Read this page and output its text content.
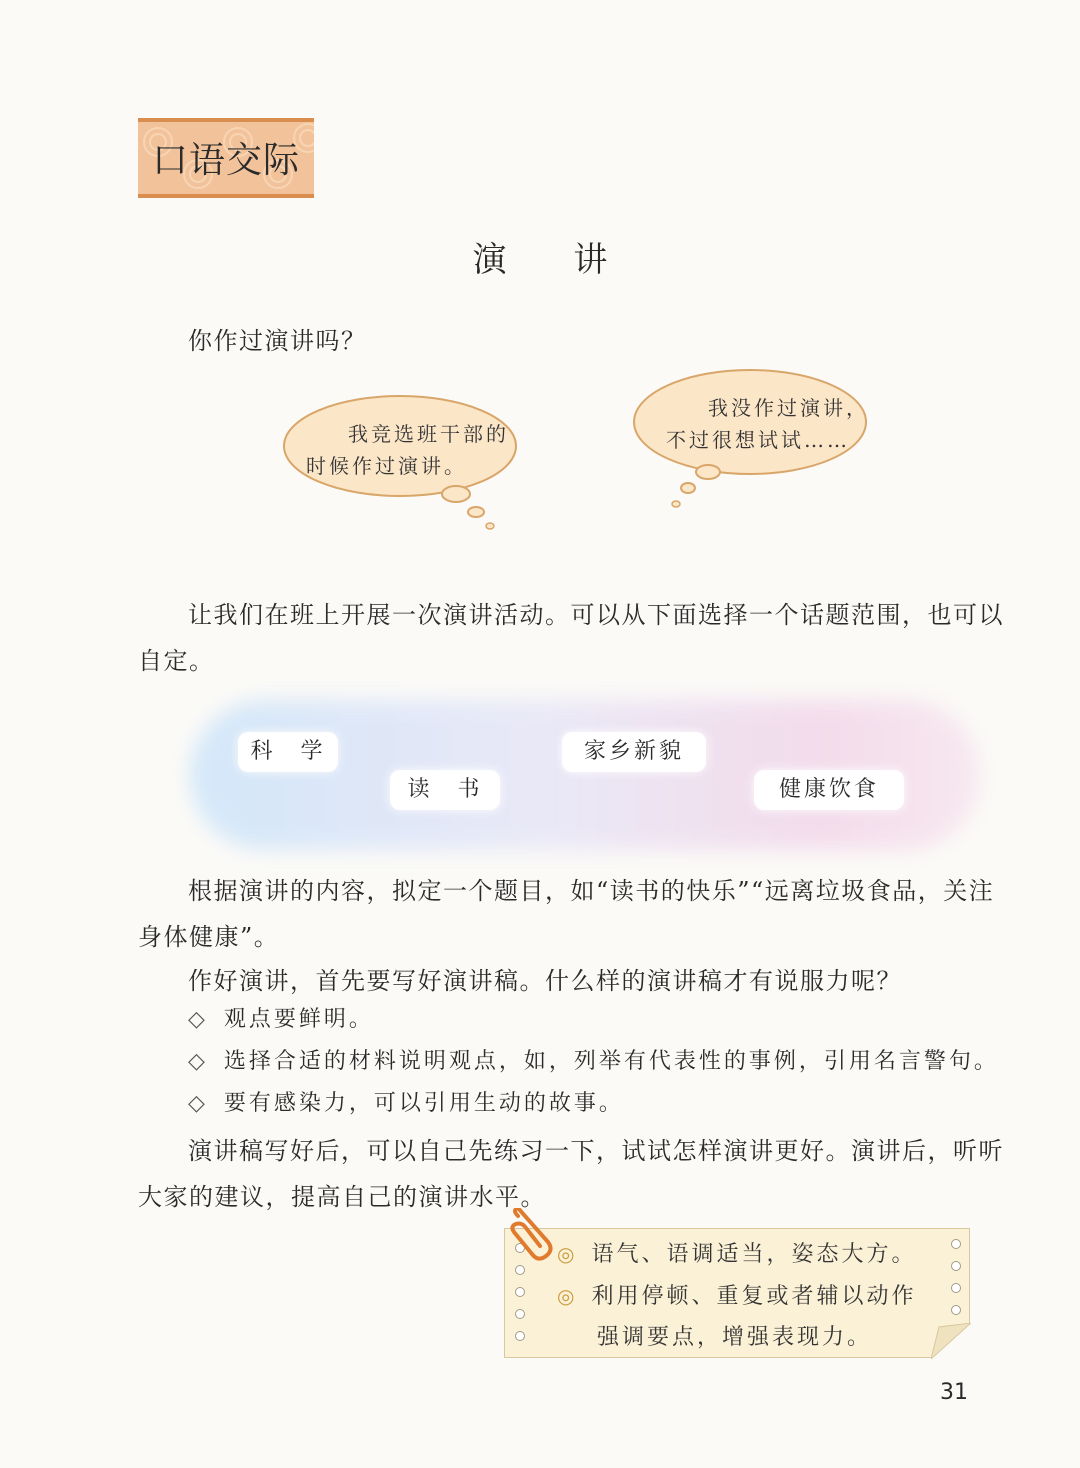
口语交际
演 讲
你作过演讲吗？
我竞选班干部的
时候作过演讲。
我没作过演讲，
不过很想试试……
让我们在班上开展一次演讲活动。可以从下面选择一个话题范围，也可以
自定。
科　学	家乡新貌
读　书	健康饮食
根据演讲的内容，拟定一个题目，如“读书的快乐”“远离垃圾食品，关注
身体健康”。
作好演讲，首先要写好演讲稿。什么样的演讲稿才有说服力呢？
◇ 观点要鲜明。
◇ 选择合适的材料说明观点，如，列举有代表性的事例，引用名言警句。
◇ 要有感染力，可以引用生动的故事。
演讲稿写好后，可以自己先练习一下，试试怎样演讲更好。演讲后，听听
大家的建议，提高自己的演讲水平。
◎ 语气、语调适当，姿态大方。
◎ 利用停顿、重复或者辅以动作
强调要点，增强表现力。
31
